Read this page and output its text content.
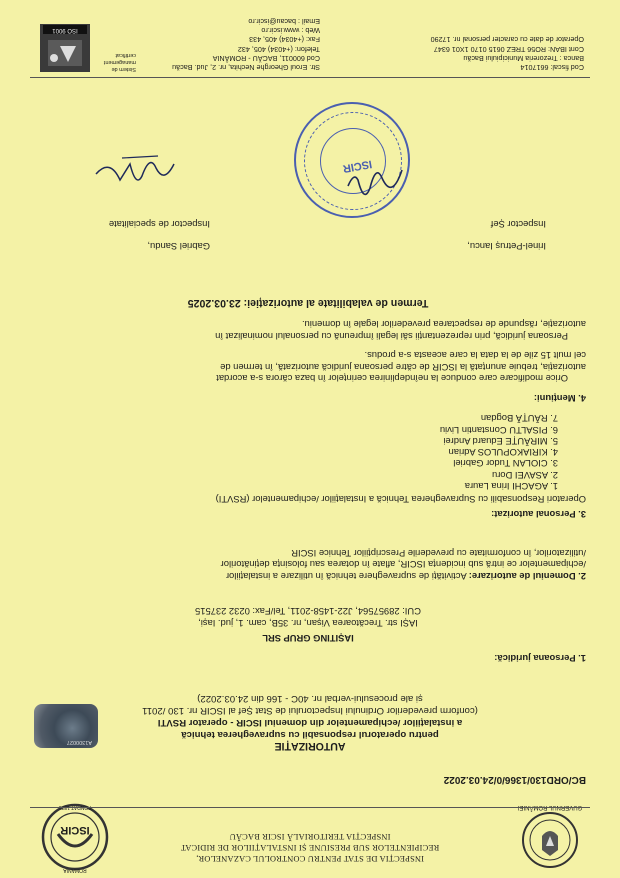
GUVERNUL ROMÂNIEI
INSPECȚIA DE STAT PENTRU CONTROLUL CAZANELOR,
RECIPIENTELOR SUB PRESIUNE ȘI INSTALAȚIILOR DE RIDICAT
INSPECȚIA TERITORIALĂ ISCIR BACĂU
ISCIR
ROMANIA
FONDAT 1871
BC/ORD130/1366/0/24.03.2022
A1300027	AUTORIZAȚIE
pentru operatorul responsabil cu supravegherea tehnică
a instalațiilor /echipamentelor din domeniul ISCIR - operator RSVTI
(conform prevederilor Ordinului Inspectorului de Stat Șef al ISCIR nr. 130 /2011
și ale procesului-verbal nr. 40C - 166 din 24.03.2022)
1. Persoana juridică:
IAȘITING GRUP SRL
IAȘI str. Trecătoarea Vișan, nr. 35B, cam. 1, jud. Iași,
CUI: 28957564, J22-1458-2011, Tel/Fax: 0232 237515
2. Domeniul de autorizare: Activități de supraveghere tehnică în utilizare a instalațiilor
/echipamentelor ce intră sub incidența ISCIR, aflate în dotarea sau folosința deținătorilor
/utilizatorilor, în conformitate cu prevederile Prescripțiilor Tehnice ISCIR
3. Personal autorizat:
Operatori Responsabili cu Supravegherea Tehnică a Instalațiilor /echipamentelor (RSVTI)
1. AGACHI Irina Laura
2. ASAVEI Doru
3. CIOLAN Tudor Gabriel
4. KIRIAKOPULOS Adrian
5. MIRĂUȚE Eduard Andrei
6. PISALTU Constantin Liviu
7. RĂUȚĂ Bogdan
4. Mențiuni:
Orice modificare care conduce la neîndeplinirea cerințelor în baza cărora s-a acordat
autorizația, trebuie anunțată la ISCIR de către persoana juridică autorizată, în termen de
cel mult 15 zile de la data la care aceasta s-a produs.
Persoana juridică, prin reprezentanții săi legali împreună cu personalul nominalizat în
autorizație, răspunde de respectarea prevederilor legale în domeniu.
Termen de valabilitate al autorizației: 23.03.2025
Irinel-Petruș Iancu,
Inspector Șef
Gabriel Sandu,
Inspector de specialitate
ISCIR
Cod fiscal: 6617014
Banca : Trezoreria Municipiului Bacău
Cont IBAN: RO56 TREZ 0615 0170 1X01 6347
Operator de date cu caracter personal nr. 17290
Str. Eroul Gheorghe Nechita, nr. 2, Jud. Bacău
Cod 600011, BACĂU - ROMÂNIA
Telefon: (+4034) 405, 432
Fax: (+4034) 405, 433
Web : www.iscir.ro
Email : bacau@iscir.ro
Sistem de management
certificat
ISO 9001
